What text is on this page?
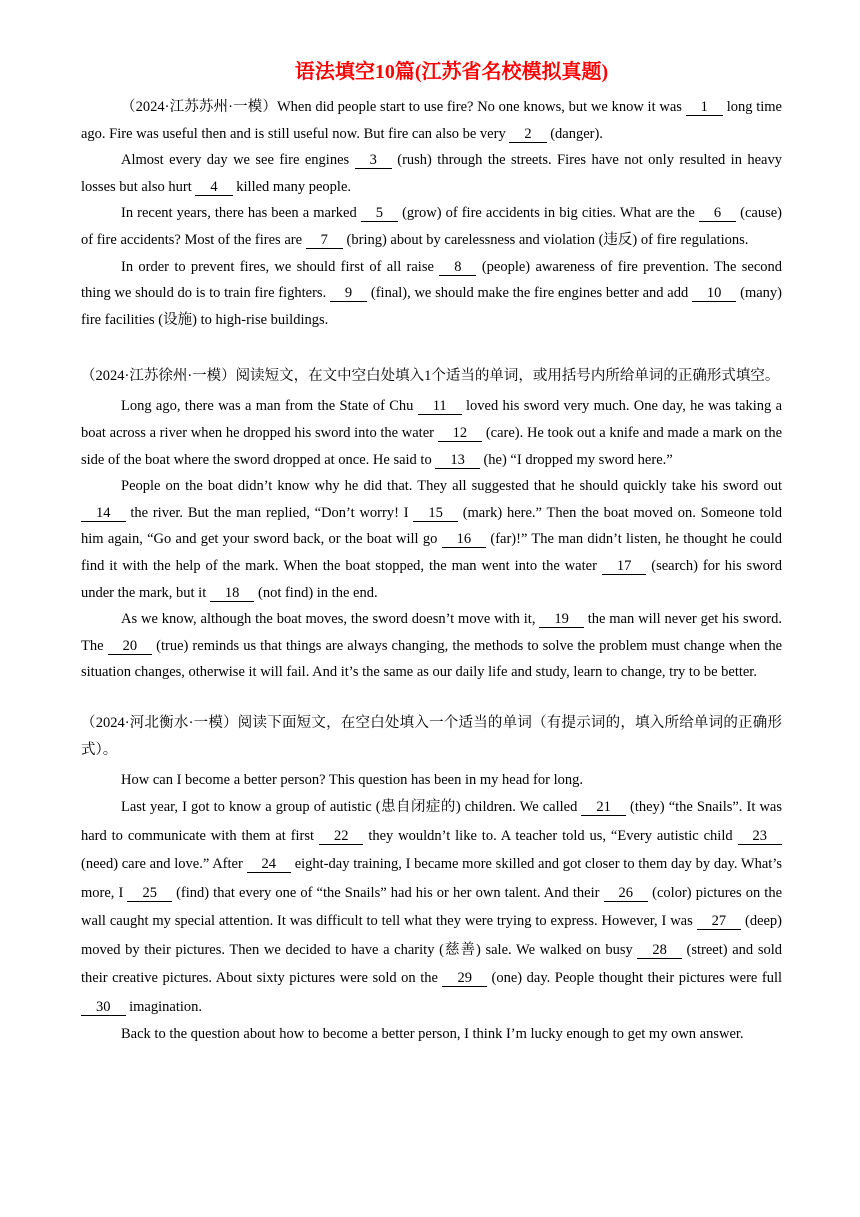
语法填空10篇(江苏省名校模拟真题)

（2024·江苏苏州·一模）When did people start to use fire? No one knows, but we know it was 1 long time ago. Fire was useful then and is still useful now. But fire can also be very 2 (danger).

Almost every day we see fire engines 3 (rush) through the streets. Fires have not only resulted in heavy losses but also hurt 4 killed many people.

In recent years, there has been a marked 5 (grow) of fire accidents in big cities. What are the 6 (cause) of fire accidents? Most of the fires are 7 (bring) about by carelessness and violation (违反) of fire regulations.

In order to prevent fires, we should first of all raise 8 (people) awareness of fire prevention. The second thing we should do is to train fire fighters. 9 (final), we should make the fire engines better and add 10 (many) fire facilities (设施) to high-rise buildings.

（2024·江苏徐州·一模）阅读短文，在文中空白处填入1个适当的单词，或用括号内所给单词的正确形式填空。

Long ago, there was a man from the State of Chu 11 loved his sword very much. One day, he was taking a boat across a river when he dropped his sword into the water 12 (care). He took out a knife and made a mark on the side of the boat where the sword dropped at once. He said to 13 (he) “I dropped my sword here.”

People on the boat didn’t know why he did that. They all suggested that he should quickly take his sword out 14 the river. But the man replied, “Don’t worry! I 15 (mark) here.” Then the boat moved on. Someone told him again, “Go and get your sword back, or the boat will go 16 (far)!” The man didn’t listen, he thought he could find it with the help of the mark. When the boat stopped, the man went into the water 17 (search) for his sword under the mark, but it 18 (not find) in the end.

As we know, although the boat moves, the sword doesn’t move with it, 19 the man will never get his sword. The 20 (true) reminds us that things are always changing, the methods to solve the problem must change when the situation changes, otherwise it will fail. And it’s the same as our daily life and study, learn to change, try to be better.

（2024·河北衡水·一模）阅读下面短文，在空白处填入一个适当的单词（有提示词的，填入所给单词的正确形式）。

How can I become a better person? This question has been in my head for long.

Last year, I got to know a group of autistic (患自闭症的) children. We called 21 (they) “the Snails”. It was hard to communicate with them at first 22 they wouldn’t like to. A teacher told us, “Every autistic child 23 (need) care and love.” After 24 eight-day training, I became more skilled and got closer to them day by day. What’s more, I 25 (find) that every one of “the Snails” had his or her own talent. And their 26 (color) pictures on the wall caught my special attention. It was difficult to tell what they were trying to express. However, I was 27 (deep) moved by their pictures. Then we decided to have a charity (慈善) sale. We walked on busy 28 (street) and sold their creative pictures. About sixty pictures were sold on the 29 (one) day. People thought their pictures were full 30 imagination.

Back to the question about how to become a better person, I think I’m lucky enough to get my own answer.
